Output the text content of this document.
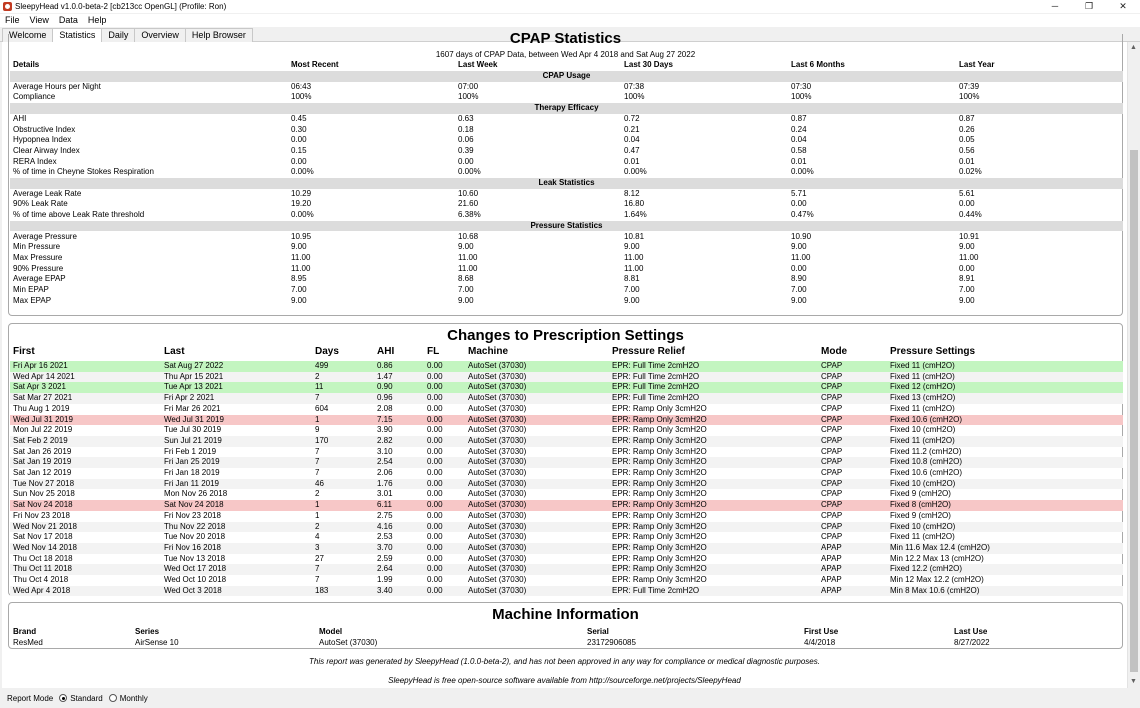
SleepyHead v1.0.0-beta-2 [cb213cc OpenGL] (Profile: Ron)	─	❐	✕
File	View	Data	Help
Welcome	Statistics	Daily	Overview	Help Browser	CPAP Statistics
1607 days of CPAP Data, between Wed Apr 4 2018 and Sat Aug 27 2022
Details	Most Recent	Last Week	Last 30 Days	Last 6 Months	Last Year
CPAP Usage
Average Hours per Night	06:43	07:00	07:38	07:30	07:39
Compliance	100%	100%	100%	100%	100%
Therapy Efficacy
AHI	0.45	0.63	0.72	0.87	0.87
Obstructive Index	0.30	0.18	0.21	0.24	0.26
Hypopnea Index	0.00	0.06	0.04	0.04	0.05
Clear Airway Index	0.15	0.39	0.47	0.58	0.56
RERA Index	0.00	0.00	0.01	0.01	0.01
% of time in Cheyne Stokes Respiration	0.00%	0.00%	0.00%	0.00%	0.02%
Leak Statistics
Average Leak Rate	10.29	10.60	8.12	5.71	5.61
90% Leak Rate	19.20	21.60	16.80	0.00	0.00
% of time above Leak Rate threshold	0.00%	6.38%	1.64%	0.47%	0.44%
Pressure Statistics
Average Pressure	10.95	10.68	10.81	10.90	10.91
Min Pressure	9.00	9.00	9.00	9.00	9.00
Max Pressure	11.00	11.00	11.00	11.00	11.00
90% Pressure	11.00	11.00	11.00	0.00	0.00
Average EPAP	8.95	8.68	8.81	8.90	8.91
Min EPAP	7.00	7.00	7.00	7.00	7.00
Max EPAP	9.00	9.00	9.00	9.00	9.00
Changes to Prescription Settings
First	Last	Days	AHI	FL	Machine	Pressure Relief	Mode	Pressure Settings
Fri Apr 16 2021	Sat Aug 27 2022	499	0.86	0.00	AutoSet (37030)	EPR: Full Time 2cmH2O	CPAP	Fixed 11 (cmH2O)
Wed Apr 14 2021	Thu Apr 15 2021	2	1.47	0.00	AutoSet (37030)	EPR: Full Time 2cmH2O	CPAP	Fixed 11 (cmH2O)
Sat Apr 3 2021	Tue Apr 13 2021	11	0.90	0.00	AutoSet (37030)	EPR: Full Time 2cmH2O	CPAP	Fixed 12 (cmH2O)
Sat Mar 27 2021	Fri Apr 2 2021	7	0.96	0.00	AutoSet (37030)	EPR: Full Time 2cmH2O	CPAP	Fixed 13 (cmH2O)
Thu Aug 1 2019	Fri Mar 26 2021	604	2.08	0.00	AutoSet (37030)	EPR: Ramp Only 3cmH2O	CPAP	Fixed 11 (cmH2O)
Wed Jul 31 2019	Wed Jul 31 2019	1	7.15	0.00	AutoSet (37030)	EPR: Ramp Only 3cmH2O	CPAP	Fixed 10.6 (cmH2O)
Mon Jul 22 2019	Tue Jul 30 2019	9	3.90	0.00	AutoSet (37030)	EPR: Ramp Only 3cmH2O	CPAP	Fixed 10 (cmH2O)
Sat Feb 2 2019	Sun Jul 21 2019	170	2.82	0.00	AutoSet (37030)	EPR: Ramp Only 3cmH2O	CPAP	Fixed 11 (cmH2O)
Sat Jan 26 2019	Fri Feb 1 2019	7	3.10	0.00	AutoSet (37030)	EPR: Ramp Only 3cmH2O	CPAP	Fixed 11.2 (cmH2O)
Sat Jan 19 2019	Fri Jan 25 2019	7	2.54	0.00	AutoSet (37030)	EPR: Ramp Only 3cmH2O	CPAP	Fixed 10.8 (cmH2O)
Sat Jan 12 2019	Fri Jan 18 2019	7	2.06	0.00	AutoSet (37030)	EPR: Ramp Only 3cmH2O	CPAP	Fixed 10.6 (cmH2O)
Tue Nov 27 2018	Fri Jan 11 2019	46	1.76	0.00	AutoSet (37030)	EPR: Ramp Only 3cmH2O	CPAP	Fixed 10 (cmH2O)
Sun Nov 25 2018	Mon Nov 26 2018	2	3.01	0.00	AutoSet (37030)	EPR: Ramp Only 3cmH2O	CPAP	Fixed 9 (cmH2O)
Sat Nov 24 2018	Sat Nov 24 2018	1	6.11	0.00	AutoSet (37030)	EPR: Ramp Only 3cmH2O	CPAP	Fixed 8 (cmH2O)
Fri Nov 23 2018	Fri Nov 23 2018	1	2.75	0.00	AutoSet (37030)	EPR: Ramp Only 3cmH2O	CPAP	Fixed 9 (cmH2O)
Wed Nov 21 2018	Thu Nov 22 2018	2	4.16	0.00	AutoSet (37030)	EPR: Ramp Only 3cmH2O	CPAP	Fixed 10 (cmH2O)
Sat Nov 17 2018	Tue Nov 20 2018	4	2.53	0.00	AutoSet (37030)	EPR: Ramp Only 3cmH2O	CPAP	Fixed 11 (cmH2O)
Wed Nov 14 2018	Fri Nov 16 2018	3	3.70	0.00	AutoSet (37030)	EPR: Ramp Only 3cmH2O	APAP	Min 11.6 Max 12.4 (cmH2O)
Thu Oct 18 2018	Tue Nov 13 2018	27	2.59	0.00	AutoSet (37030)	EPR: Ramp Only 3cmH2O	APAP	Min 12.2 Max 13 (cmH2O)
Thu Oct 11 2018	Wed Oct 17 2018	7	2.64	0.00	AutoSet (37030)	EPR: Ramp Only 3cmH2O	APAP	Fixed 12.2 (cmH2O)
Thu Oct 4 2018	Wed Oct 10 2018	7	1.99	0.00	AutoSet (37030)	EPR: Ramp Only 3cmH2O	APAP	Min 12 Max 12.2 (cmH2O)
Wed Apr 4 2018	Wed Oct 3 2018	183	3.40	0.00	AutoSet (37030)	EPR: Full Time 2cmH2O	APAP	Min 8 Max 10.6 (cmH2O)
Machine Information
Brand	Series	Model	Serial	First Use	Last Use
ResMed	AirSense 10	AutoSet (37030)	23172906085	4/4/2018	8/27/2022
This report was generated by SleepyHead (1.0.0-beta-2), and has not been approved in any way for compliance or medical diagnostic purposes.
SleepyHead is free open-source software available from http://sourceforge.net/projects/SleepyHead
▲
▼
Report Mode Standard Monthly
